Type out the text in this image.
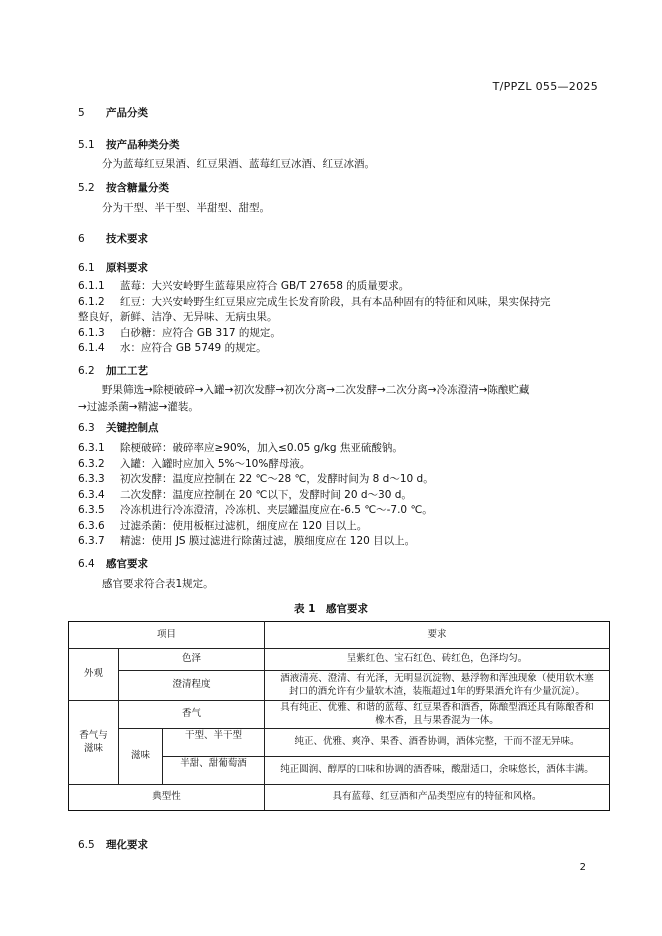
T/PPZL 055—2025
5 产品分类
5.1 按产品种类分类
分为蓝莓红豆果酒、红豆果酒、蓝莓红豆冰酒、红豆冰酒。
5.2 按含糖量分类
分为干型、半干型、半甜型、甜型。
6 技术要求
6.1 原料要求
6.1.1 蓝莓：大兴安岭野生蓝莓果应符合 GB/T 27658 的质量要求。
6.1.2 红豆：大兴安岭野生红豆果应完成生长发育阶段，具有本品种固有的特征和风味，果实保持完
整良好，新鲜、洁净、无异味、无病虫果。
6.1.3 白砂糖：应符合 GB 317 的规定。
6.1.4 水：应符合 GB 5749 的规定。
6.2 加工工艺
野果筛选→除梗破碎→入罐→初次发酵→初次分离→二次发酵→二次分离→冷冻澄清→陈酿贮藏
→过滤杀菌→精滤→灌装。
6.3 关键控制点
6.3.1 除梗破碎：破碎率应≥90%，加入≤0.05 g/kg 焦亚硫酸钠。
6.3.2 入罐：入罐时应加入 5%～10%酵母液。
6.3.3 初次发酵：温度应控制在 22 ℃～28 ℃，发酵时间为 8 d～10 d。
6.3.4 二次发酵：温度应控制在 20 ℃以下，发酵时间 20 d～30 d。
6.3.5 冷冻机进行冷冻澄清，冷冻机、夹层罐温度应在-6.5 ℃～-7.0 ℃。
6.3.6 过滤杀菌：使用板框过滤机，细度应在 120 目以上。
6.3.7 精滤：使用 JS 膜过滤进行除菌过滤，膜细度应在 120 目以上。
6.4 感官要求
感官要求符合表1规定。
表 1　感官要求
项目			要求
外观	色泽		呈紫红色、宝石红色、砖红色，色泽均匀。
	澄清程度		酒液清亮、澄清、有光泽，无明显沉淀物、悬浮物和浑浊现象（使用软木塞
封口的酒允许有少量软木渣，装瓶超过1年的野果酒允许有少量沉淀）。
香气与
滋味	香气		具有纯正、优雅、和谐的蓝莓、红豆果香和酒香，陈酿型酒还具有陈酿香和
橡木香，且与果香混为一体。
	滋味	干型、半干型	纯正、优雅、爽净、果香、酒香协调，酒体完整，干而不涩无异味。
		半甜、甜葡萄酒	纯正圆润、醇厚的口味和协调的酒香味，酸甜适口，余味悠长，酒体丰满。
典型性			具有蓝莓、红豆酒和产品类型应有的特征和风格。
6.5 理化要求
2
